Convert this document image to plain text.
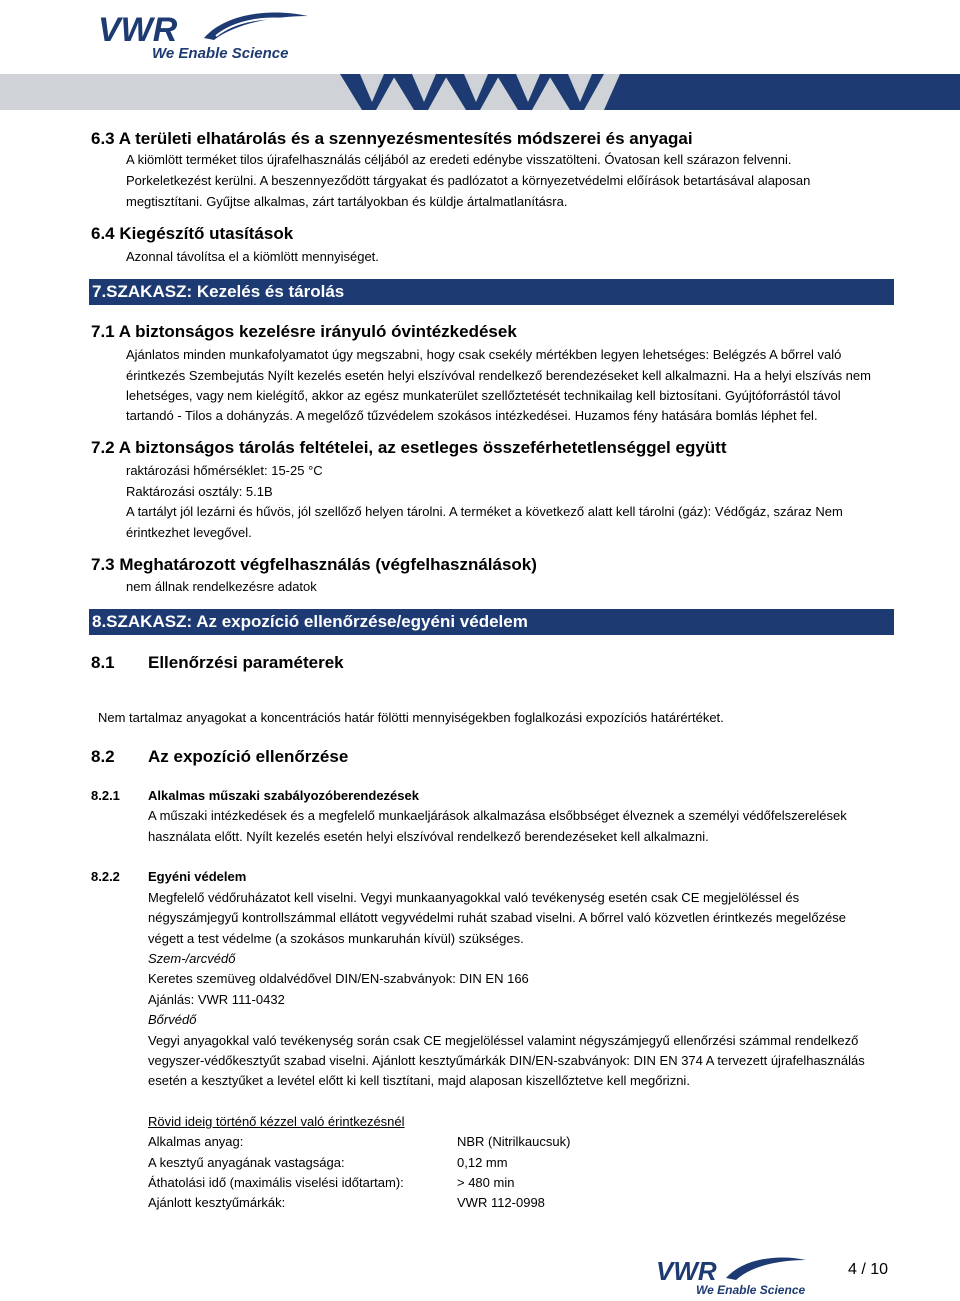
VWR
We Enable Science
6.3 A területi elhatárolás és a szennyezésmentesítés módszerei és anyagai
A kiömlött terméket tilos újrafelhasználás céljából az eredeti edénybe visszatölteni. Óvatosan kell szárazon felvenni.
Porkeletkezést kerülni. A beszennyeződött tárgyakat és padlózatot a környezetvédelmi előírások betartásával alaposan
megtisztítani. Gyűjtse alkalmas, zárt tartályokban és küldje ártalmatlanításra.
6.4 Kiegészítő utasítások
Azonnal távolítsa el a kiömlött mennyiséget.
7.SZAKASZ: Kezelés és tárolás
7.1 A biztonságos kezelésre irányuló óvintézkedések
Ajánlatos minden munkafolyamatot úgy megszabni, hogy csak csekély mértékben legyen lehetséges: Belégzés A bőrrel való
érintkezés Szembejutás Nyílt kezelés esetén helyi elszívóval rendelkező berendezéseket kell alkalmazni. Ha a helyi elszívás nem
lehetséges, vagy nem kielégítő, akkor az egész munkaterület szellőztetését technikailag kell biztosítani. Gyújtóforrástól távol
tartandó - Tilos a dohányzás. A megelőző tűzvédelem szokásos intézkedései. Huzamos fény hatására bomlás léphet fel.
7.2 A biztonságos tárolás feltételei, az esetleges összeférhetetlenséggel együtt
raktározási hőmérséklet: 15-25 °C
Raktározási osztály: 5.1B
A tartályt jól lezárni és hűvös, jól szellőző helyen tárolni. A terméket a következő alatt kell tárolni (gáz): Védőgáz, száraz Nem
érintkezhet levegővel.
7.3 Meghatározott végfelhasználás (végfelhasználások)
nem állnak rendelkezésre adatok
8.SZAKASZ: Az expozíció ellenőrzése/egyéni védelem
8.1 Ellenőrzési paraméterek
Nem tartalmaz anyagokat a koncentrációs határ fölötti mennyiségekben foglalkozási expozíciós határértéket.
8.2 Az expozíció ellenőrzése
8.2.1 Alkalmas műszaki szabályozóberendezések
A műszaki intézkedések és a megfelelő munkaeljárások alkalmazása elsőbbséget élveznek a személyi védőfelszerelések
használata előtt. Nyílt kezelés esetén helyi elszívóval rendelkező berendezéseket kell alkalmazni.
8.2.2 Egyéni védelem
Megfelelő védőruházatot kell viselni. Vegyi munkaanyagokkal való tevékenység esetén csak CE megjelöléssel és
négyszámjegyű kontrollszámmal ellátott vegyvédelmi ruhát szabad viselni. A bőrrel való közvetlen érintkezés megelőzése
végett a test védelme (a szokásos munkaruhán kívül) szükséges.
Szem-/arcvédő
Keretes szemüveg oldalvédővel DIN/EN-szabványok: DIN EN 166
Ajánlás: VWR 111-0432
Bőrvédő
Vegyi anyagokkal való tevékenység során csak CE megjelöléssel valamint négyszámjegyű ellenőrzési számmal rendelkező
vegyszer-védőkesztyűt szabad viselni. Ajánlott kesztyűmárkák DIN/EN-szabványok: DIN EN 374 A tervezett újrafelhasználás
esetén a kesztyűket a levétel előtt ki kell tisztítani, majd alaposan kiszellőztetve kell megőrizni.
Rövid ideig történő kézzel való érintkezésnél
Alkalmas anyag:	NBR (Nitrilkaucsuk)
A kesztyű anyagának vastagsága:	0,12 mm
Áthatolási idő (maximális viselési időtartam):	> 480 min
Ajánlott kesztyűmárkák:	VWR 112-0998
VWR
We Enable Science
4 / 10
